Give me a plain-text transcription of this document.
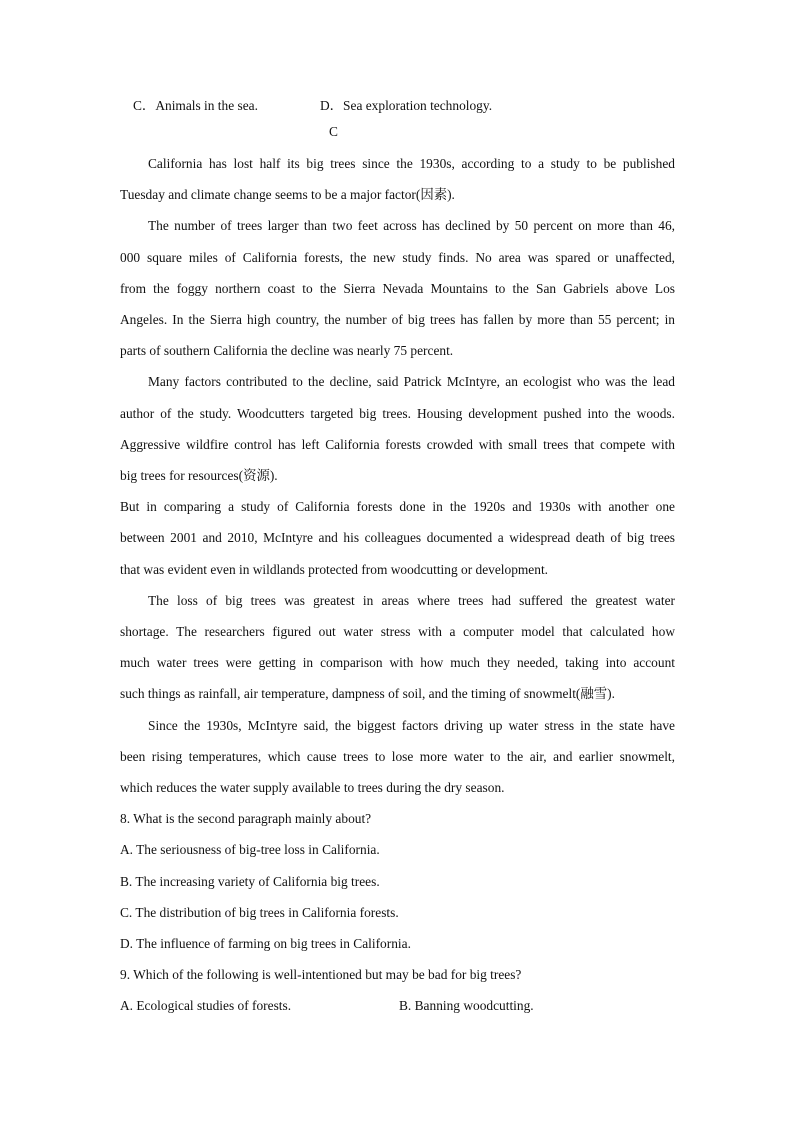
C．Animals in the sea.	D．Sea exploration technology.
C
California has lost half its big trees since the 1930s, according to a study to be published
Tuesday and climate change seems to be a major factor(因素).
The number of trees larger than two feet across has declined by 50 percent on more than 46,
000 square miles of California forests, the new study finds. No area was spared or unaffected,
from the foggy northern coast to the Sierra Nevada Mountains to the San Gabriels above Los
Angeles. In the Sierra high country, the number of big trees has fallen by more than 55 percent; in
parts of southern California the decline was nearly 75 percent.
Many factors contributed to the decline, said Patrick McIntyre, an ecologist who was the lead
author of the study. Woodcutters targeted big trees. Housing development pushed into the woods.
Aggressive wildfire control has left California forests crowded with small trees that compete with
big trees for resources(资源).
But in comparing a study of California forests done in the 1920s and 1930s with another one
between 2001 and 2010, McIntyre and his colleagues documented a widespread death of big trees
that was evident even in wildlands protected from woodcutting or development.
The loss of big trees was greatest in areas where trees had suffered the greatest water
shortage. The researchers figured out water stress with a computer model that calculated how
much water trees were getting in comparison with how much they needed, taking into account
such things as rainfall, air temperature, dampness of soil, and the timing of snowmelt(融雪).
Since the 1930s, McIntyre said, the biggest factors driving up water stress in the state have
been rising temperatures, which cause trees to lose more water to the air, and earlier snowmelt,
which reduces the water supply available to trees during the dry season.
8. What is the second paragraph mainly about?
A. The seriousness of big-tree loss in California.
B. The increasing variety of California big trees.
C. The distribution of big trees in California forests.
D. The influence of farming on big trees in California.
9. Which of the following is well-intentioned but may be bad for big trees?
A. Ecological studies of forests.	B. Banning woodcutting.
